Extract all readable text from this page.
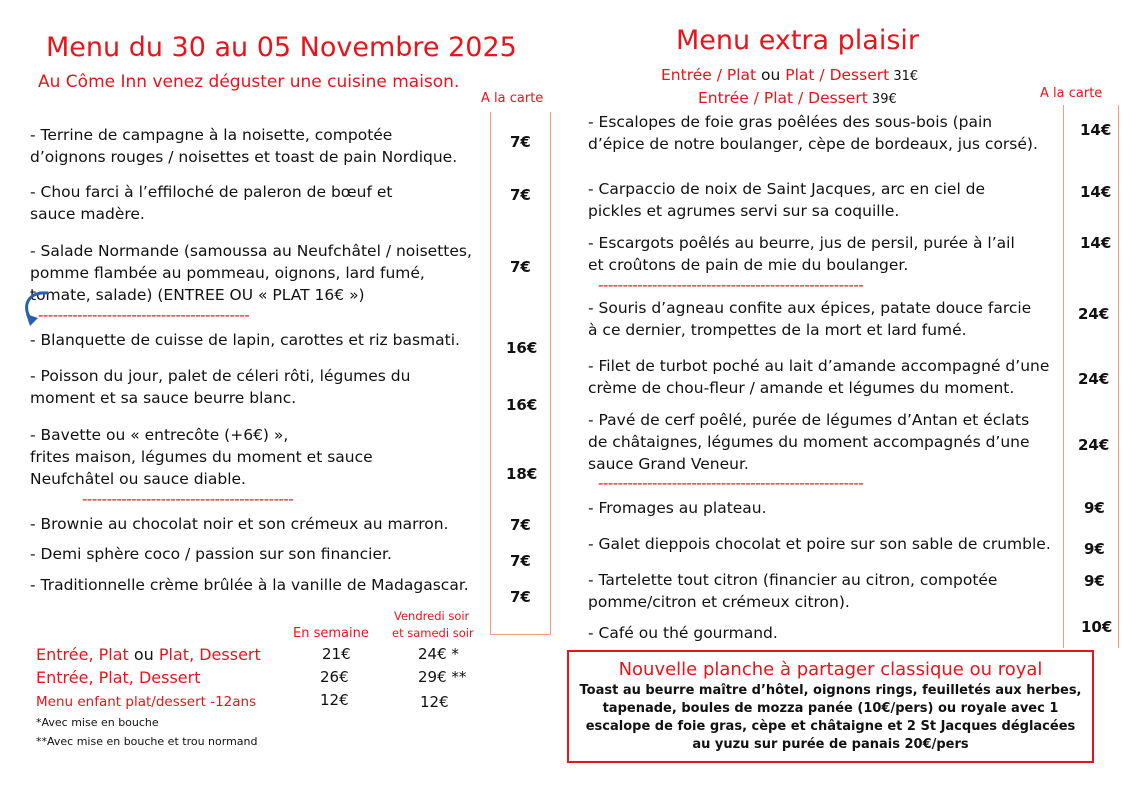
Menu du 30 au 05 Novembre 2025
Au Côme Inn venez déguster une cuisine maison.
A la carte
- Terrine de campagne à la noisette, compotée
d’oignons rouges / noisettes et toast de pain Nordique.
7€
- Chou farci à l’effiloché de paleron de bœuf et
sauce madère.
7€
- Salade Normande (samoussa au Neufchâtel / noisettes,
pomme flambée au pommeau, oignons, lard fumé,
tomate, salade) (ENTREE OU « PLAT 16€ »)
7€
-------------------------------------------
- Blanquette de cuisse de lapin, carottes et riz basmati.	16€
- Poisson du jour, palet de céleri rôti, légumes du
moment et sa sauce beurre blanc.	16€
- Bavette ou « entrecôte (+6€) »,
frites maison, légumes du moment et sauce
Neufchâtel ou sauce diable.	18€
-------------------------------------------
- Brownie au chocolat noir et son crémeux au marron.	7€
- Demi sphère coco / passion sur son financier.	7€
- Traditionnelle crème brûlée à la vanille de Madagascar.
7€
En semaine
Vendredi soir
et samedi soir
Entrée, Plat ou Plat, Dessert	21€	24€ *
Entrée, Plat, Dessert	26€	29€ **
Menu enfant plat/dessert -12ans	12€	12€
*Avec mise en bouche
**Avec mise en bouche et trou normand
Menu extra plaisir
Entrée / Plat ou Plat / Dessert 31€
Entrée / Plat / Dessert 39€	A la carte
- Escalopes de foie gras poêlées des sous-bois (pain
d’épice de notre boulanger, cèpe de bordeaux, jus corsé).
14€
- Carpaccio de noix de Saint Jacques, arc en ciel de
pickles et agrumes servi sur sa coquille.
14€
- Escargots poêlés au beurre, jus de persil, purée à l’ail
et croûtons de pain de mie du boulanger.
14€
------------------------------------------------------
- Souris d’agneau confite aux épices, patate douce farcie
à ce dernier, trompettes de la mort et lard fumé.
24€
- Filet de turbot poché au lait d’amande accompagné d’une
crème de chou-fleur / amande et légumes du moment.	24€
- Pavé de cerf poêlé, purée de légumes d’Antan et éclats
de châtaignes, légumes du moment accompagnés d’une
sauce Grand Veneur.
24€
------------------------------------------------------
- Fromages au plateau.	9€
- Galet dieppois chocolat et poire sur son sable de crumble. 9€
- Tartelette tout citron (financier au citron, compotée
pomme/citron et crémeux citron).
9€
- Café ou thé gourmand.	10€
Nouvelle planche à partager classique ou royal
Toast au beurre maître d’hôtel, oignons rings, feuilletés aux herbes, tapenade, boules de mozza panée (10€/pers) ou royale avec 1 escalope de foie gras, cèpe et châtaigne et 2 St Jacques déglacées au yuzu sur purée de panais 20€/pers
